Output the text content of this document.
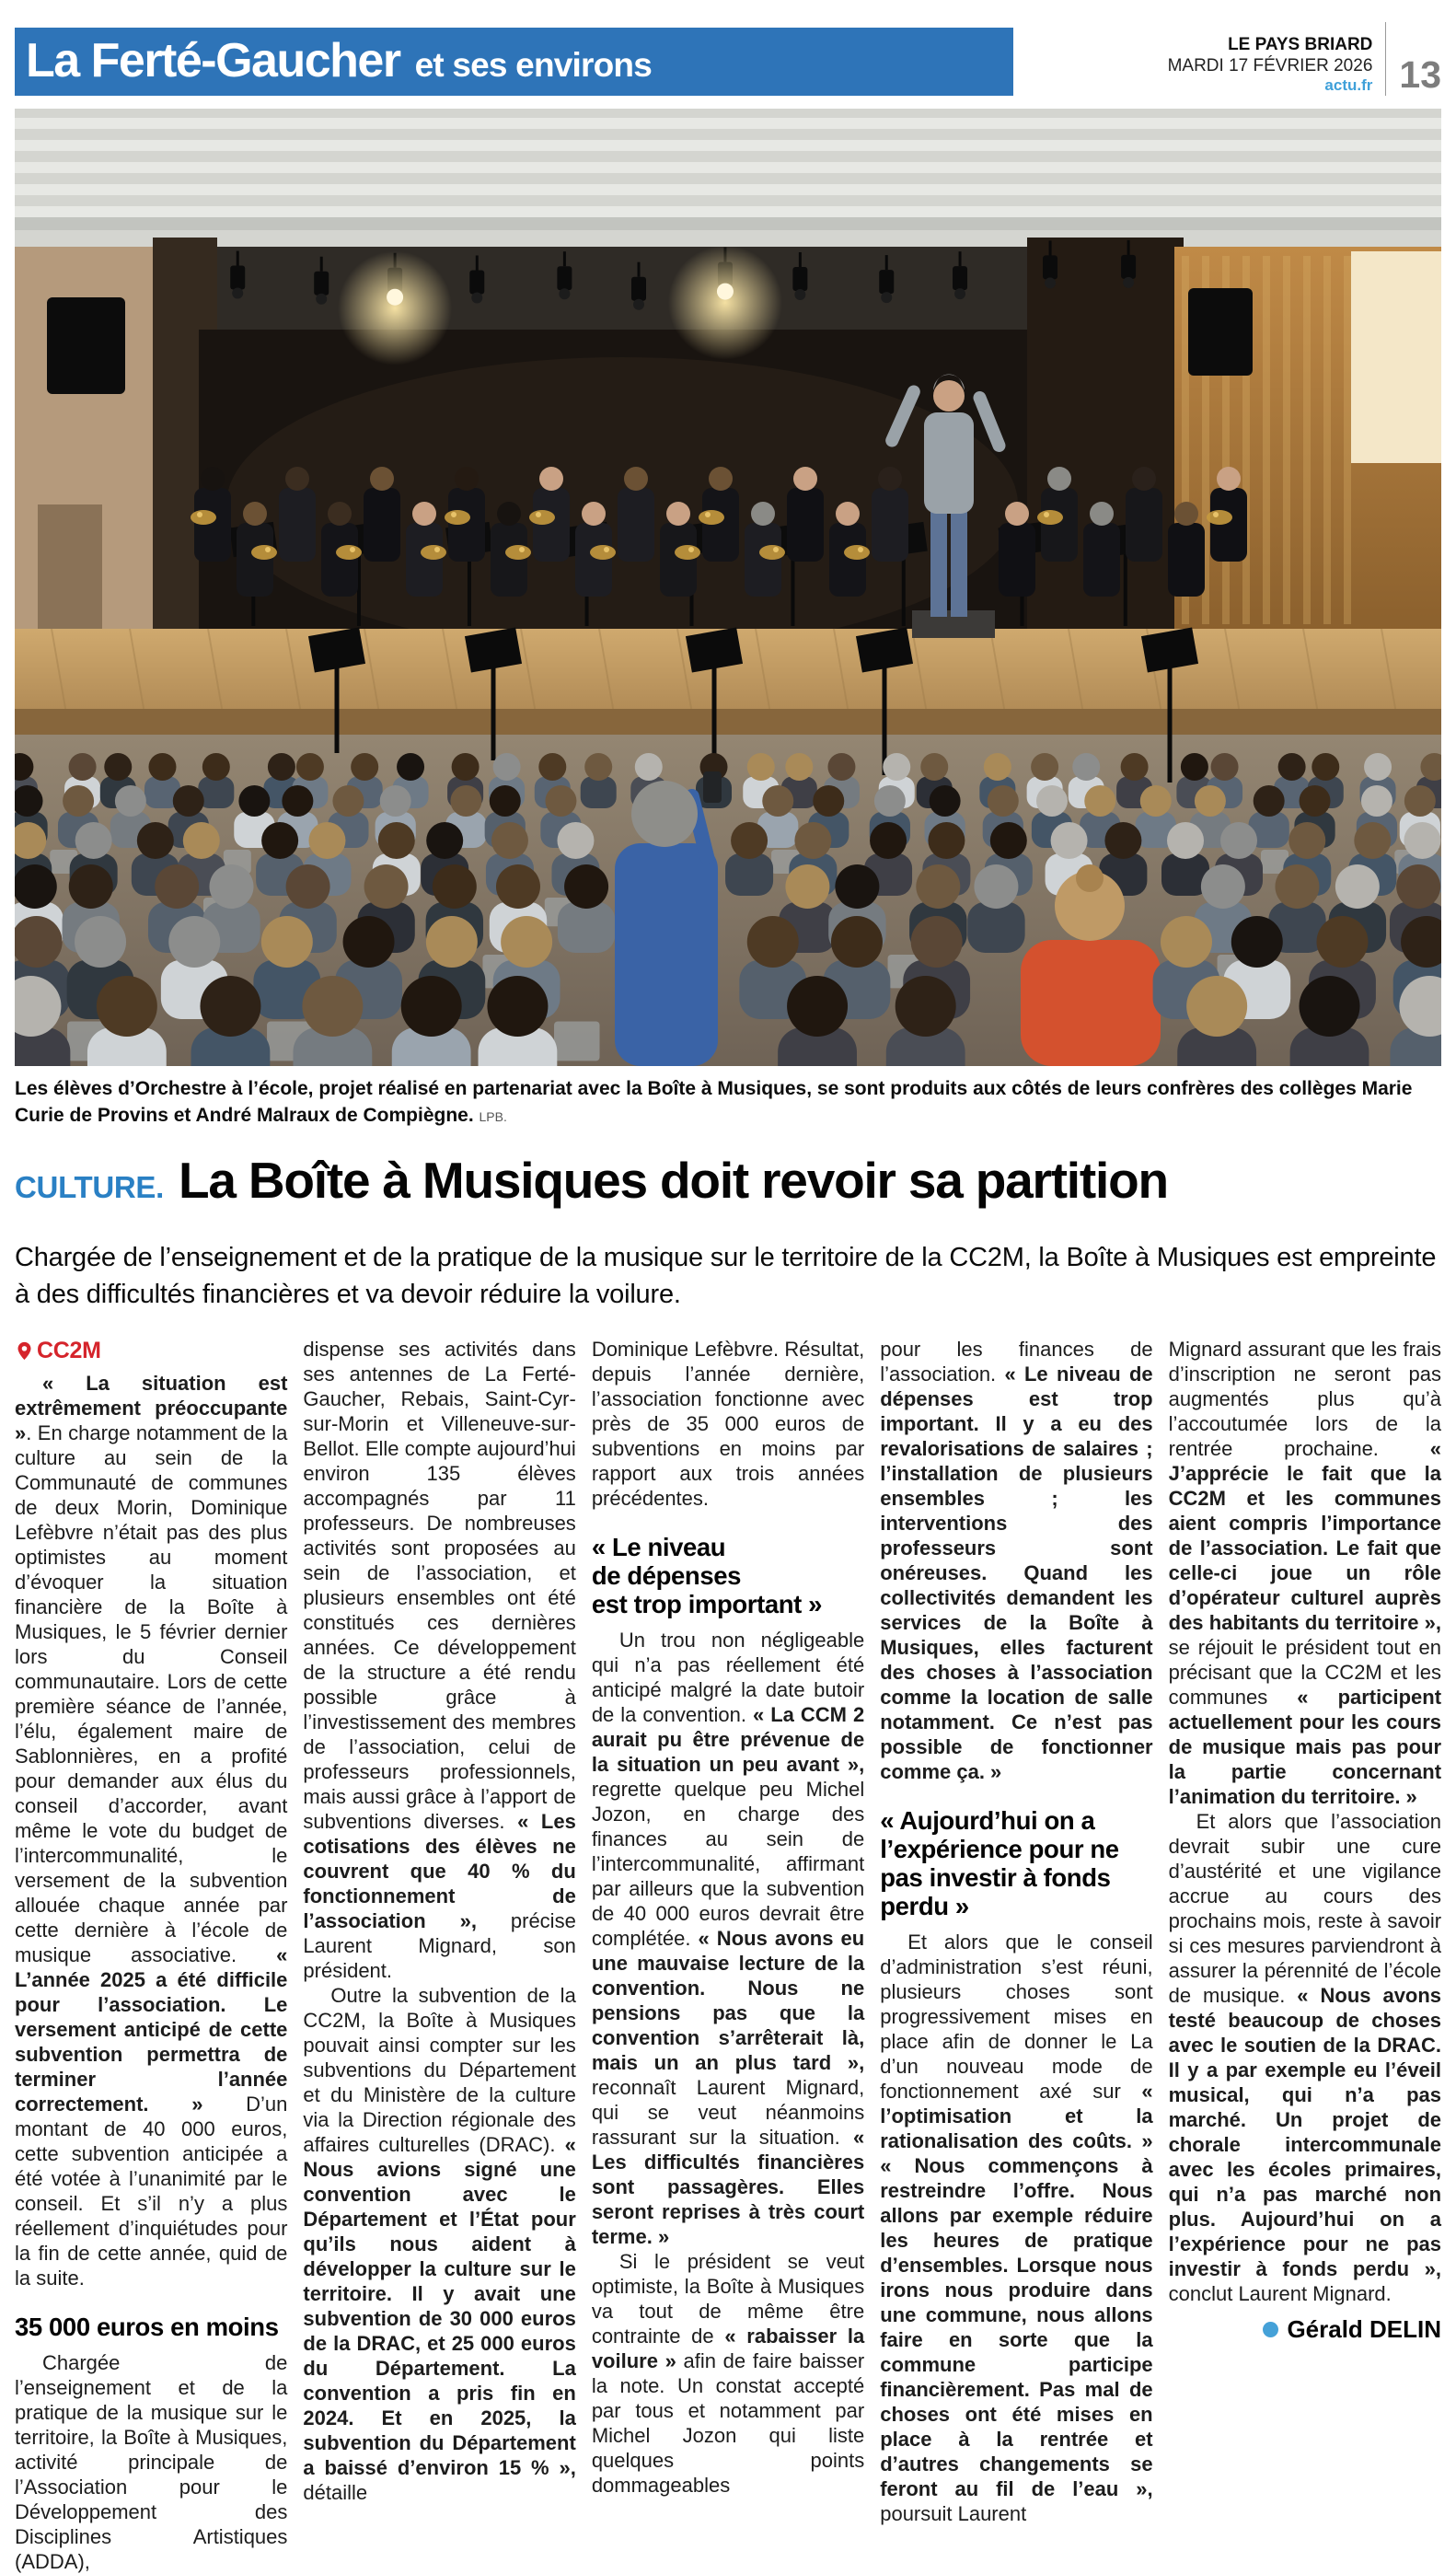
La Ferté-Gaucher et ses environs
LE PAYS BRIARD
MARDI 17 FÉVRIER 2026
actu.fr 13

Les élèves d’Orchestre à l’école, projet réalisé en partenariat avec la Boîte à Musiques, se sont produits aux côtés de leurs confrères des collèges Marie Curie de Provins et André Malraux de Compiègne. LPB.

CULTURE. La Boîte à Musiques doit revoir sa partition

Chargée de l’enseignement et de la pratique de la musique sur le territoire de la CC2M, la Boîte à Musiques est empreinte à des difficultés financières et va devoir réduire la voilure.

CC2M

« La situation est extrêmement préoccupante ». En charge notamment de la culture au sein de la Communauté de communes de deux Morin, Dominique Lefèbvre n’était pas des plus optimistes au moment d’évoquer la situation financière de la Boîte à Musiques, le 5 février dernier lors du Conseil communautaire. Lors de cette première séance de l’année, l’élu, également maire de Sablonnières, en a profité pour demander aux élus du conseil d’accorder, avant même le vote du budget de l’intercommunalité, le versement de la subvention allouée chaque année par cette dernière à l’école de musique associative. « L’année 2025 a été difficile pour l’association. Le versement anticipé de cette subvention permettra de terminer l’année correctement. » D’un montant de 40 000 euros, cette subvention anticipée a été votée à l’unanimité par le conseil. Et s’il n’y a plus réellement d’inquiétudes pour la fin de cette année, quid de la suite.

35 000 euros en moins

Chargée de l’enseignement et de la pratique de la musique sur le territoire, la Boîte à Musiques, activité principale de l’Association pour le Développement des Disciplines Artistiques (ADDA),

dispense ses activités dans ses antennes de La Ferté-Gaucher, Rebais, Saint-Cyr-sur-Morin et Villeneuve-sur-Bellot. Elle compte aujourd’hui environ 135 élèves accompagnés par 11 professeurs. De nombreuses activités sont proposées au sein de l’association, et plusieurs ensembles ont été constitués ces dernières années. Ce développement de la structure a été rendu possible grâce à l’investissement des membres de l’association, celui de professeurs professionnels, mais aussi grâce à l’apport de subventions diverses. « Les cotisations des élèves ne couvrent que 40 % du fonctionnement de l’association », précise Laurent Mignard, son président.

Outre la subvention de la CC2M, la Boîte à Musiques pouvait ainsi compter sur les subventions du Département et du Ministère de la culture via la Direction régionale des affaires culturelles (DRAC). « Nous avions signé une convention avec le Département et l’État pour qu’ils nous aident à développer la culture sur le territoire. Il y avait une subvention de 30 000 euros de la DRAC, et 25 000 euros du Département. La convention a pris fin en 2024. Et en 2025, la subvention du Département a baissé d’environ 15 % », détaille

Dominique Lefèbvre. Résultat, depuis l’année dernière, l’association fonctionne avec près de 35 000 euros de subventions en moins par rapport aux trois années précédentes.

« Le niveau
de dépenses
est trop important »

Un trou non négligeable qui n’a pas réellement été anticipé malgré la date butoir de la convention. « La CCM 2 aurait pu être prévenue de la situation un peu avant », regrette quelque peu Michel Jozon, en charge des finances au sein de l’intercommunalité, affirmant par ailleurs que la subvention de 40 000 euros devrait être complétée. « Nous avons eu une mauvaise lecture de la convention. Nous ne pensions pas que la convention s’arrêterait là, mais un an plus tard », reconnaît Laurent Mignard, qui se veut néanmoins rassurant sur la situation. « Les difficultés financières sont passagères. Elles seront reprises à très court terme. »

Si le président se veut optimiste, la Boîte à Musiques va tout de même être contrainte de « rabaisser la voilure » afin de faire baisser la note. Un constat accepté par tous et notamment par Michel Jozon qui liste quelques points dommageables

pour les finances de l’association. « Le niveau de dépenses est trop important. Il y a eu des revalorisations de salaires ; l’installation de plusieurs ensembles ; les interventions des professeurs sont onéreuses. Quand les collectivités demandent les services de la Boîte à Musiques, elles facturent des choses à l’association comme la location de salle notamment. Ce n’est pas possible de fonctionner comme ça. »

« Aujourd’hui on a
l’expérience pour ne
pas investir à fonds
perdu »

Et alors que le conseil d’administration s’est réuni, plusieurs choses sont progressivement mises en place afin de donner le La d’un nouveau mode de fonctionnement axé sur « l’optimisation et la rationalisation des coûts. » « Nous commençons à restreindre l’offre. Nous allons par exemple réduire les heures de pratique d’ensembles. Lorsque nous irons nous produire dans une commune, nous allons faire en sorte que la commune participe financièrement. Pas mal de choses ont été mises en place à la rentrée et d’autres changements se feront au fil de l’eau », poursuit Laurent

Mignard assurant que les frais d’inscription ne seront pas augmentés plus qu’à l’accoutumée lors de la rentrée prochaine. « J’apprécie le fait que la CC2M et les communes aient compris l’importance de l’association. Le fait que celle-ci joue un rôle d’opérateur culturel auprès des habitants du territoire », se réjouit le président tout en précisant que la CC2M et les communes « participent actuellement pour les cours de musique mais pas pour la partie concernant l’animation du territoire. »

Et alors que l’association devrait subir une cure d’austérité et une vigilance accrue au cours des prochains mois, reste à savoir si ces mesures parviendront à assurer la pérennité de l’école de musique. « Nous avons testé beaucoup de choses avec le soutien de la DRAC. Il y a par exemple eu l’éveil musical, qui n’a pas marché. Un projet de chorale intercommunale avec les écoles primaires, qui n’a pas marché non plus. Aujourd’hui on a l’expérience pour ne pas investir à fonds perdu », conclut Laurent Mignard.

Gérald DELIN
